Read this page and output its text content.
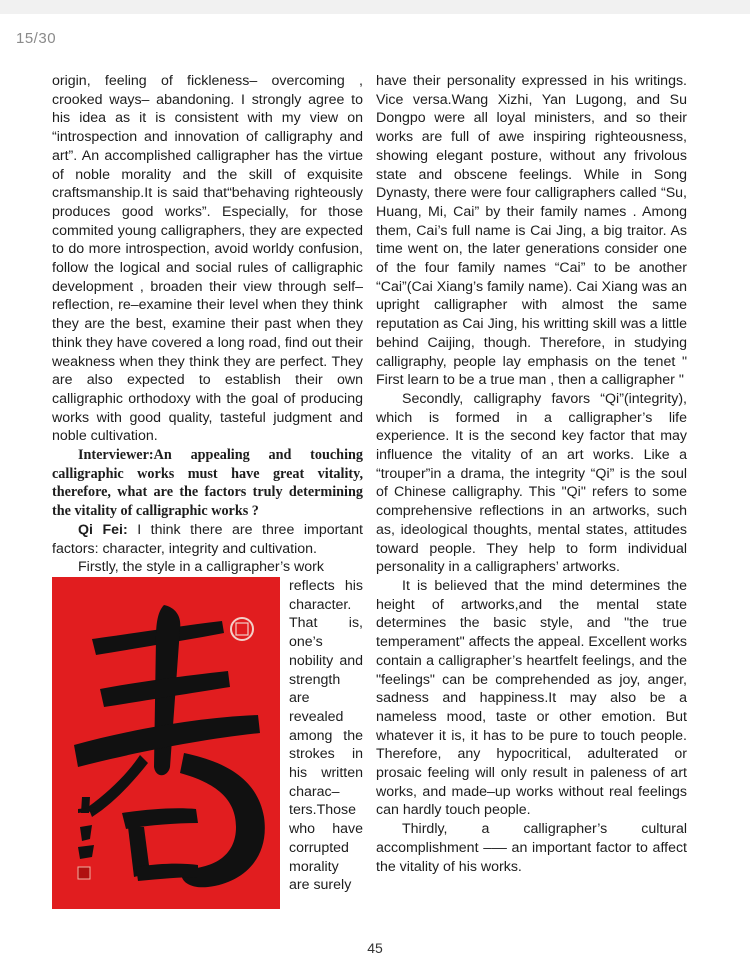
15/30

origin, feeling of fickleness– overcoming , crooked ways– abandoning. I strongly agree to his idea as it is consistent with my view on “introspection and innovation of calligraphy and art”. An accomplished calligrapher has the virtue of noble morality and the skill of exquisite craftsmanship.It is said that“behaving righteously produces good works”. Especially, for those commited young calligraphers, they are expected to do more introspection, avoid worldy confusion, follow the logical and social rules of calligraphic development , broaden their view through self– reflection, re–examine their level when they think they are the best, examine their past when they think they have covered a long road, find out their weakness when they think they are perfect. They are also expected to establish their own calligraphic orthodoxy with the goal of producing works with good quality, tasteful judgment and noble cultivation.

Interviewer:An appealing and touching calligraphic works must have great vitality, therefore, what are the factors truly determining the vitality of calligraphic works ?

Qi Fei: I think there are three important factors: character, integrity and cultivation.

Firstly, the style in a calligrapher’s work

reflects his character. That is, one’s nobility and strength are revealed among the strokes in his written charac– ters.Those who have corrupted morality are surely

have their personality expressed in his writings. Vice versa.Wang Xizhi, Yan Lugong, and Su Dongpo were all loyal ministers, and so their works are full of awe inspiring righteousness, showing elegant posture, without any frivolous state and obscene feelings. While in Song Dynasty, there were four calligraphers called “Su, Huang, Mi, Cai” by their family names . Among them, Cai’s full name is Cai Jing, a big traitor. As time went on, the later generations consider one of the four family names “Cai” to be another “Cai”(Cai Xiang’s family name). Cai Xiang was an upright calligrapher with almost the same reputation as Cai Jing, his writting skill was a little behind Caijing, though. Therefore, in studying calligraphy, people lay emphasis on the tenet " First learn to be a true man , then a calligrapher "

Secondly, calligraphy favors “Qi”(integrity), which is formed in a calligrapher’s life experience. It is the second key factor that may influence the vitality of an art works. Like a “trouper”in a drama, the integrity “Qi” is the soul of Chinese calligraphy. This "Qi" refers to some comprehensive reflections in an artworks, such as, ideological thoughts, mental states, attitudes toward people. They help to form individual personality in a calligraphers’ artworks.

It is believed that the mind determines the height of artworks,and the mental state determines the basic style, and "the true temperament" affects the appeal. Excellent works contain a calligrapher’s heartfelt feelings, and the "feelings" can be comprehended as joy, anger, sadness and happiness.It may also be a nameless mood, taste or other emotion. But whatever it is, it has to be pure to touch people. Therefore, any hypocritical, adulterated or prosaic feeling will only result in paleness of art works, and made–up works without real feelings can hardly touch people.

Thirdly, a calligrapher’s cultural accomplishment ––– an important factor to affect the vitality of his works.

45
